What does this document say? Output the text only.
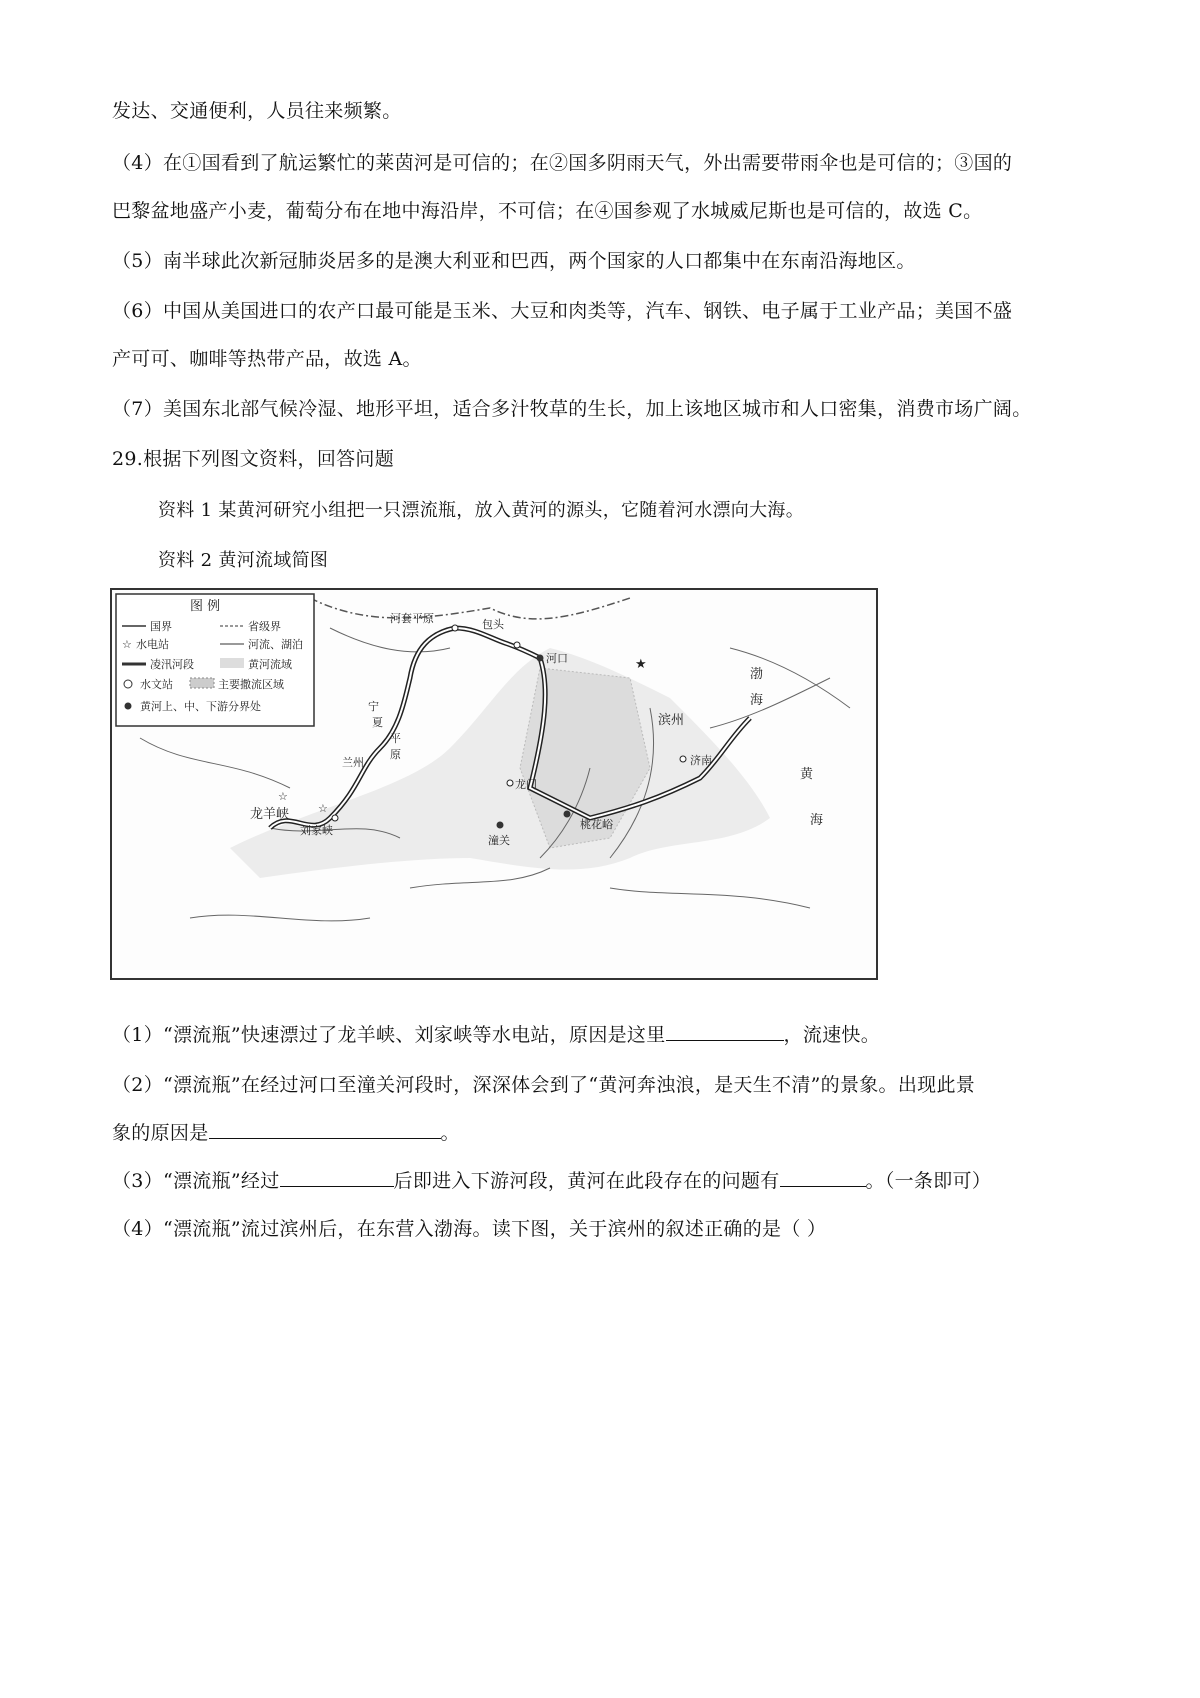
发达、交通便利，人员往来频繁。
（4）在①国看到了航运繁忙的莱茵河是可信的；在②国多阴雨天气，外出需要带雨伞也是可信的；③国的
巴黎盆地盛产小麦，葡萄分布在地中海沿岸，不可信；在④国参观了水城威尼斯也是可信的，故选 C。
（5）南半球此次新冠肺炎居多的是澳大利亚和巴西，两个国家的人口都集中在东南沿海地区。
（6）中国从美国进口的农产口最可能是玉米、大豆和肉类等，汽车、钢铁、电子属于工业产品；美国不盛
产可可、咖啡等热带产品，故选 A。
（7）美国东北部气候冷湿、地形平坦，适合多汁牧草的生长，加上该地区城市和人口密集，消费市场广阔。
29.根据下列图文资料，回答问题
资料 1 某黄河研究小组把一只漂流瓶，放入黄河的源头，它随着河水漂向大海。
资料 2 黄河流域简图
图 例
国界	省级界
☆ 水电站	河流、湖泊
凌汛河段	黄河流域
水文站	主要撒流区域
黄河上、中、下游分界处
☆
☆
★
河套平原	包头
河口
宁
夏
平
原
兰州
龙羊峡
刘家峡
龙门
潼关
桃花峪
滨州
济南
渤
海
黄
海
（1）“漂流瓶”快速漂过了龙羊峡、刘家峡等水电站，原因是这里	，流速快。
（2）“漂流瓶”在经过河口至潼关河段时，深深体会到了“黄河奔浊浪，是天生不清”的景象。出现此景
象的原因是	。
（3）“漂流瓶”经过	后即进入下游河段，黄河在此段存在的问题有	。（一条即可）
（4）“漂流瓶”流过滨州后，在东营入渤海。读下图，关于滨州的叙述正确的是（ ）
